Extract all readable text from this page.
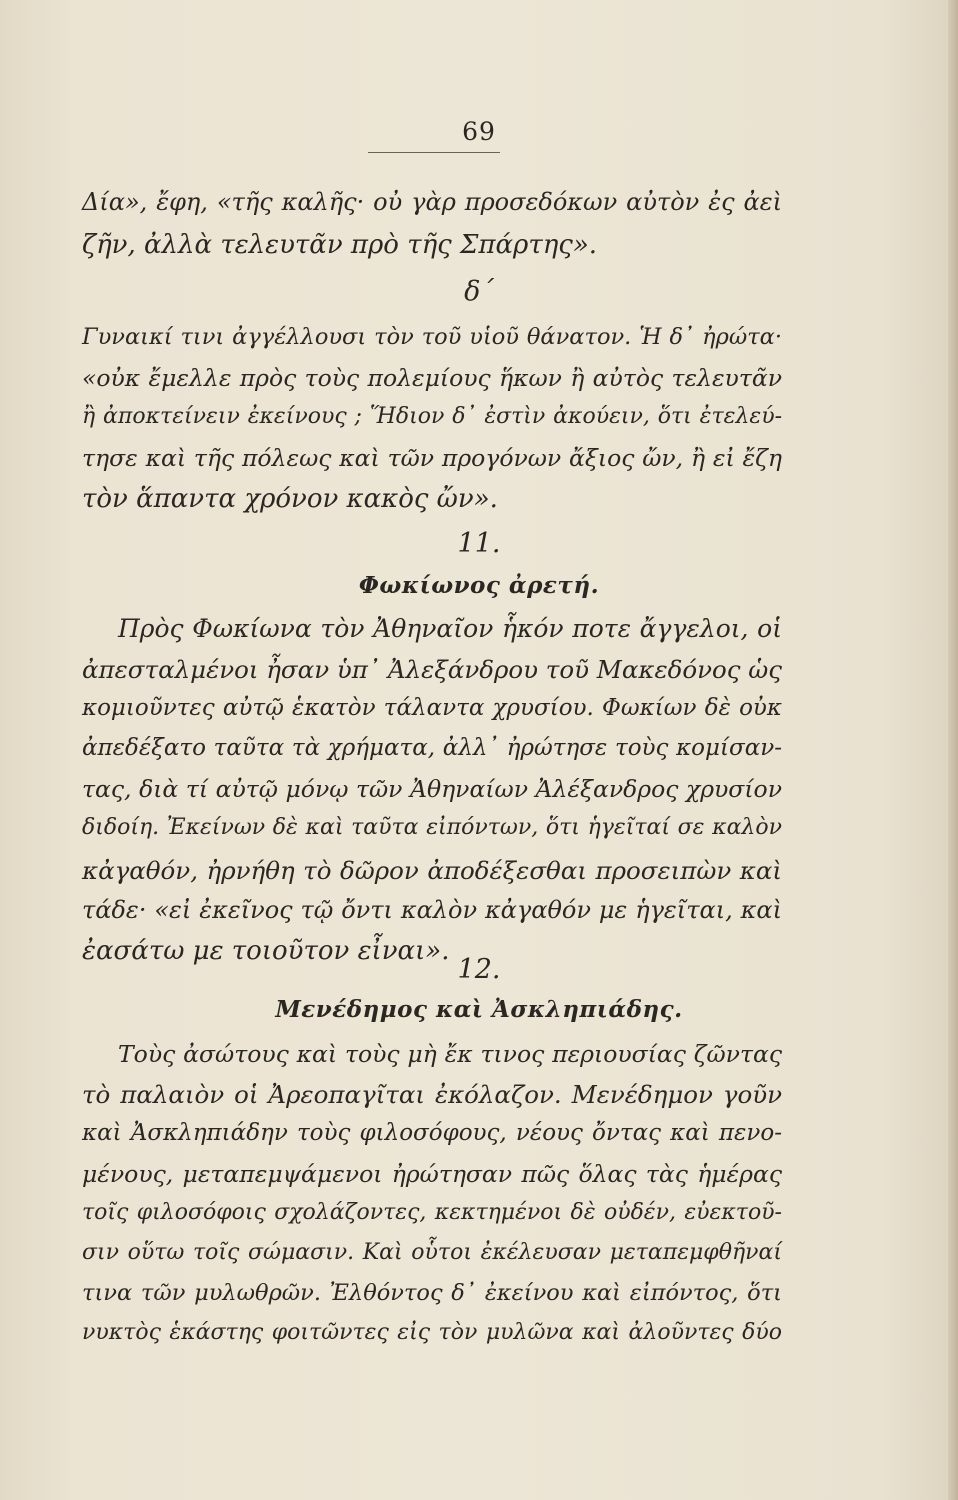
69
Δία», ἔφη, «τῆς καλῆς· οὐ γὰρ προσεδόκων αὐτὸν ἐς ἀεὶ
ζῆν, ἀλλὰ τελευτᾶν πρὸ τῆς Σπάρτης».
δ΄
Γυναικί τινι ἀγγέλλουσι τὸν τοῦ υἱοῦ θάνατον. Ἡ δ᾿ ἠρώτα·
«οὐκ ἔμελλε πρὸς τοὺς πολεμίους ἥκων ἢ αὐτὸς τελευτᾶν
ἢ ἀποκτείνειν ἐκείνους ; Ἥδιον δ᾿ ἐστὶν ἀκούειν, ὅτι ἐτελεύ-
τησε καὶ τῆς πόλεως καὶ τῶν προγόνων ἄξιος ὤν, ἢ εἰ ἔζη
τὸν ἅπαντα χρόνον κακὸς ὤν».
11.
Φωκίωνος ἀρετή.
Πρὸς Φωκίωνα τὸν Ἀθηναῖον ἧκόν ποτε ἄγγελοι, οἱ
ἀπεσταλμένοι ἦσαν ὑπ᾿ Ἀλεξάνδρου τοῦ Μακεδόνος ὡς
κομιοῦντες αὐτῷ ἑκατὸν τάλαντα χρυσίου. Φωκίων δὲ οὐκ
ἀπεδέξατο ταῦτα τὰ χρήματα, ἀλλ᾿ ἠρώτησε τοὺς κομίσαν-
τας, διὰ τί αὐτῷ μόνῳ τῶν Ἀθηναίων Ἀλέξανδρος χρυσίον
διδοίη. Ἐκείνων δὲ καὶ ταῦτα εἰπόντων, ὅτι ἡγεῖταί σε καλὸν
κἀγαθόν, ἠρνήθη τὸ δῶρον ἀποδέξεσθαι προσειπὼν καὶ
τάδε· «εἰ ἐκεῖνος τῷ ὄντι καλὸν κἀγαθόν με ἡγεῖται, καὶ
ἐασάτω με τοιοῦτον εἶναι».
12.
Μενέδημος καὶ Ἀσκληπιάδης.
Τοὺς ἀσώτους καὶ τοὺς μὴ ἔκ τινος περιουσίας ζῶντας
τὸ παλαιὸν οἱ Ἀρεοπαγῖται ἐκόλαζον. Μενέδημον γοῦν
καὶ Ἀσκληπιάδην τοὺς φιλοσόφους, νέους ὄντας καὶ πενο-
μένους, μεταπεμψάμενοι ἠρώτησαν πῶς ὅλας τὰς ἡμέρας
τοῖς φιλοσόφοις σχολάζοντες, κεκτημένοι δὲ οὐδέν, εὐεκτοῦ-
σιν οὕτω τοῖς σώμασιν. Καὶ οὗτοι ἐκέλευσαν μεταπεμφθῆναί
τινα τῶν μυλωθρῶν. Ἐλθόντος δ᾿ ἐκείνου καὶ εἰπόντος, ὅτι
νυκτὸς ἑκάστης φοιτῶντες εἰς τὸν μυλῶνα καὶ ἀλοῦντες δύο
